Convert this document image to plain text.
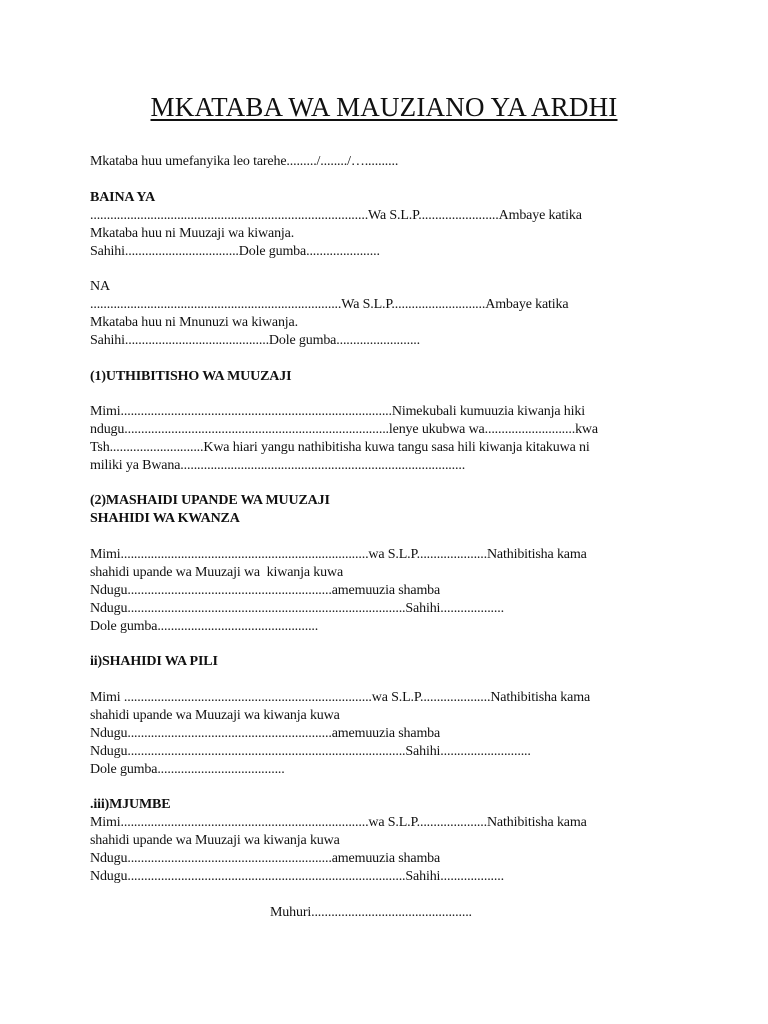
MKATABA WA MAUZIANO YA ARDHI
Mkataba huu umefanyika leo tarehe........./......../…..........
BAINA YA
...................................................................................Wa S.L.P........................Ambaye katika
Mkataba huu ni Muuzaji wa kiwanja.
Sahihi..................................Dole gumba......................
NA
...........................................................................Wa S.L.P............................Ambaye katika
Mkataba huu ni Mnunuzi wa kiwanja.
Sahihi...........................................Dole gumba.........................
(1)UTHIBITISHO WA MUUZAJI
Mimi.................................................................................Nimekubali kumuuzia kiwanja hiki
ndugu...............................................................................lenye ukubwa wa...........................kwa
Tsh............................Kwa hiari yangu nathibitisha kuwa tangu sasa hili kiwanja kitakuwa ni
miliki ya Bwana.....................................................................................
(2)MASHAIDI UPANDE WA MUUZAJI
SHAHIDI WA KWANZA
Mimi..........................................................................wa S.L.P.....................Nathibitisha kama
shahidi upande wa Muuzaji wa  kiwanja kuwa
Ndugu.............................................................amemuuzia shamba
Ndugu...................................................................................Sahihi...................
Dole gumba................................................
ii)SHAHIDI WA PILI
Mimi ..........................................................................wa S.L.P.....................Nathibitisha kama
shahidi upande wa Muuzaji wa kiwanja kuwa
Ndugu.............................................................amemuuzia shamba
Ndugu...................................................................................Sahihi...........................
Dole gumba......................................
.iii)MJUMBE
Mimi..........................................................................wa S.L.P.....................Nathibitisha kama
shahidi upande wa Muuzaji wa kiwanja kuwa
Ndugu.............................................................amemuuzia shamba
Ndugu...................................................................................Sahihi...................
Muhuri................................................
